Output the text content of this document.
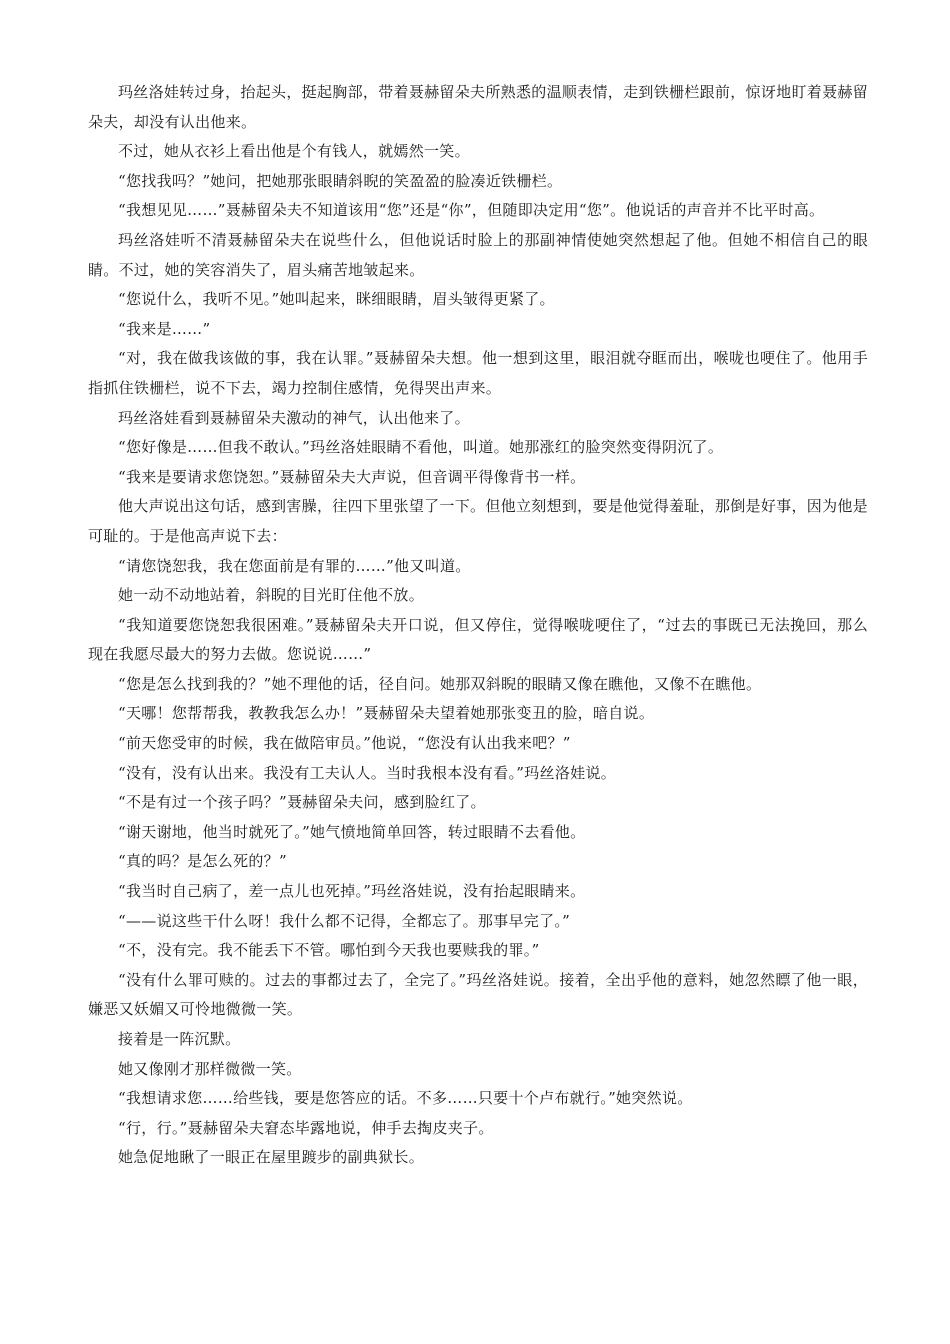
玛丝洛娃转过身，抬起头，挺起胸部，带着聂赫留朵夫所熟悉的温顺表情，走到铁栅栏跟前，惊讶地盯着聂赫留朵夫，却没有认出他来。

不过，她从衣衫上看出他是个有钱人，就嫣然一笑。

“您找我吗？”她问，把她那张眼睛斜睨的笑盈盈的脸凑近铁栅栏。

“我想见见……”聂赫留朵夫不知道该用“您”还是“你”，但随即决定用“您”。他说话的声音并不比平时高。

玛丝洛娃听不清聂赫留朵夫在说些什么，但他说话时脸上的那副神情使她突然想起了他。但她不相信自己的眼睛。不过，她的笑容消失了，眉头痛苦地皱起来。

“您说什么，我听不见。”她叫起来，眯细眼睛，眉头皱得更紧了。

“我来是……”

“对，我在做我该做的事，我在认罪。”聂赫留朵夫想。他一想到这里，眼泪就夺眶而出，喉咙也哽住了。他用手指抓住铁栅栏，说不下去，竭力控制住感情，免得哭出声来。

玛丝洛娃看到聂赫留朵夫激动的神气，认出他来了。

“您好像是……但我不敢认。”玛丝洛娃眼睛不看他，叫道。她那涨红的脸突然变得阴沉了。

“我来是要请求您饶恕。”聂赫留朵夫大声说，但音调平得像背书一样。

他大声说出这句话，感到害臊，往四下里张望了一下。但他立刻想到，要是他觉得羞耻，那倒是好事，因为他是可耻的。于是他高声说下去：

“请您饶恕我，我在您面前是有罪的……”他又叫道。

她一动不动地站着，斜睨的目光盯住他不放。

“我知道要您饶恕我很困难。”聂赫留朵夫开口说，但又停住，觉得喉咙哽住了，“过去的事既已无法挽回，那么现在我愿尽最大的努力去做。您说说……”

“您是怎么找到我的？”她不理他的话，径自问。她那双斜睨的眼睛又像在瞧他，又像不在瞧他。

“天哪！您帮帮我，教教我怎么办！”聂赫留朵夫望着她那张变丑的脸，暗自说。

“前天您受审的时候，我在做陪审员。”他说，“您没有认出我来吧？”

“没有，没有认出来。我没有工夫认人。当时我根本没有看。”玛丝洛娃说。

“不是有过一个孩子吗？”聂赫留朵夫问，感到脸红了。

“谢天谢地，他当时就死了。”她气愤地简单回答，转过眼睛不去看他。

“真的吗？是怎么死的？”

“我当时自己病了，差一点儿也死掉。”玛丝洛娃说，没有抬起眼睛来。

“——说这些干什么呀！我什么都不记得，全都忘了。那事早完了。”

“不，没有完。我不能丢下不管。哪怕到今天我也要赎我的罪。”

“没有什么罪可赎的。过去的事都过去了，全完了。”玛丝洛娃说。接着，全出乎他的意料，她忽然瞟了他一眼，嫌恶又妖媚又可怜地微微一笑。

接着是一阵沉默。

她又像刚才那样微微一笑。

“我想请求您……给些钱，要是您答应的话。不多……只要十个卢布就行。”她突然说。

“行，行。”聂赫留朵夫窘态毕露地说，伸手去掏皮夹子。

她急促地瞅了一眼正在屋里踱步的副典狱长。
